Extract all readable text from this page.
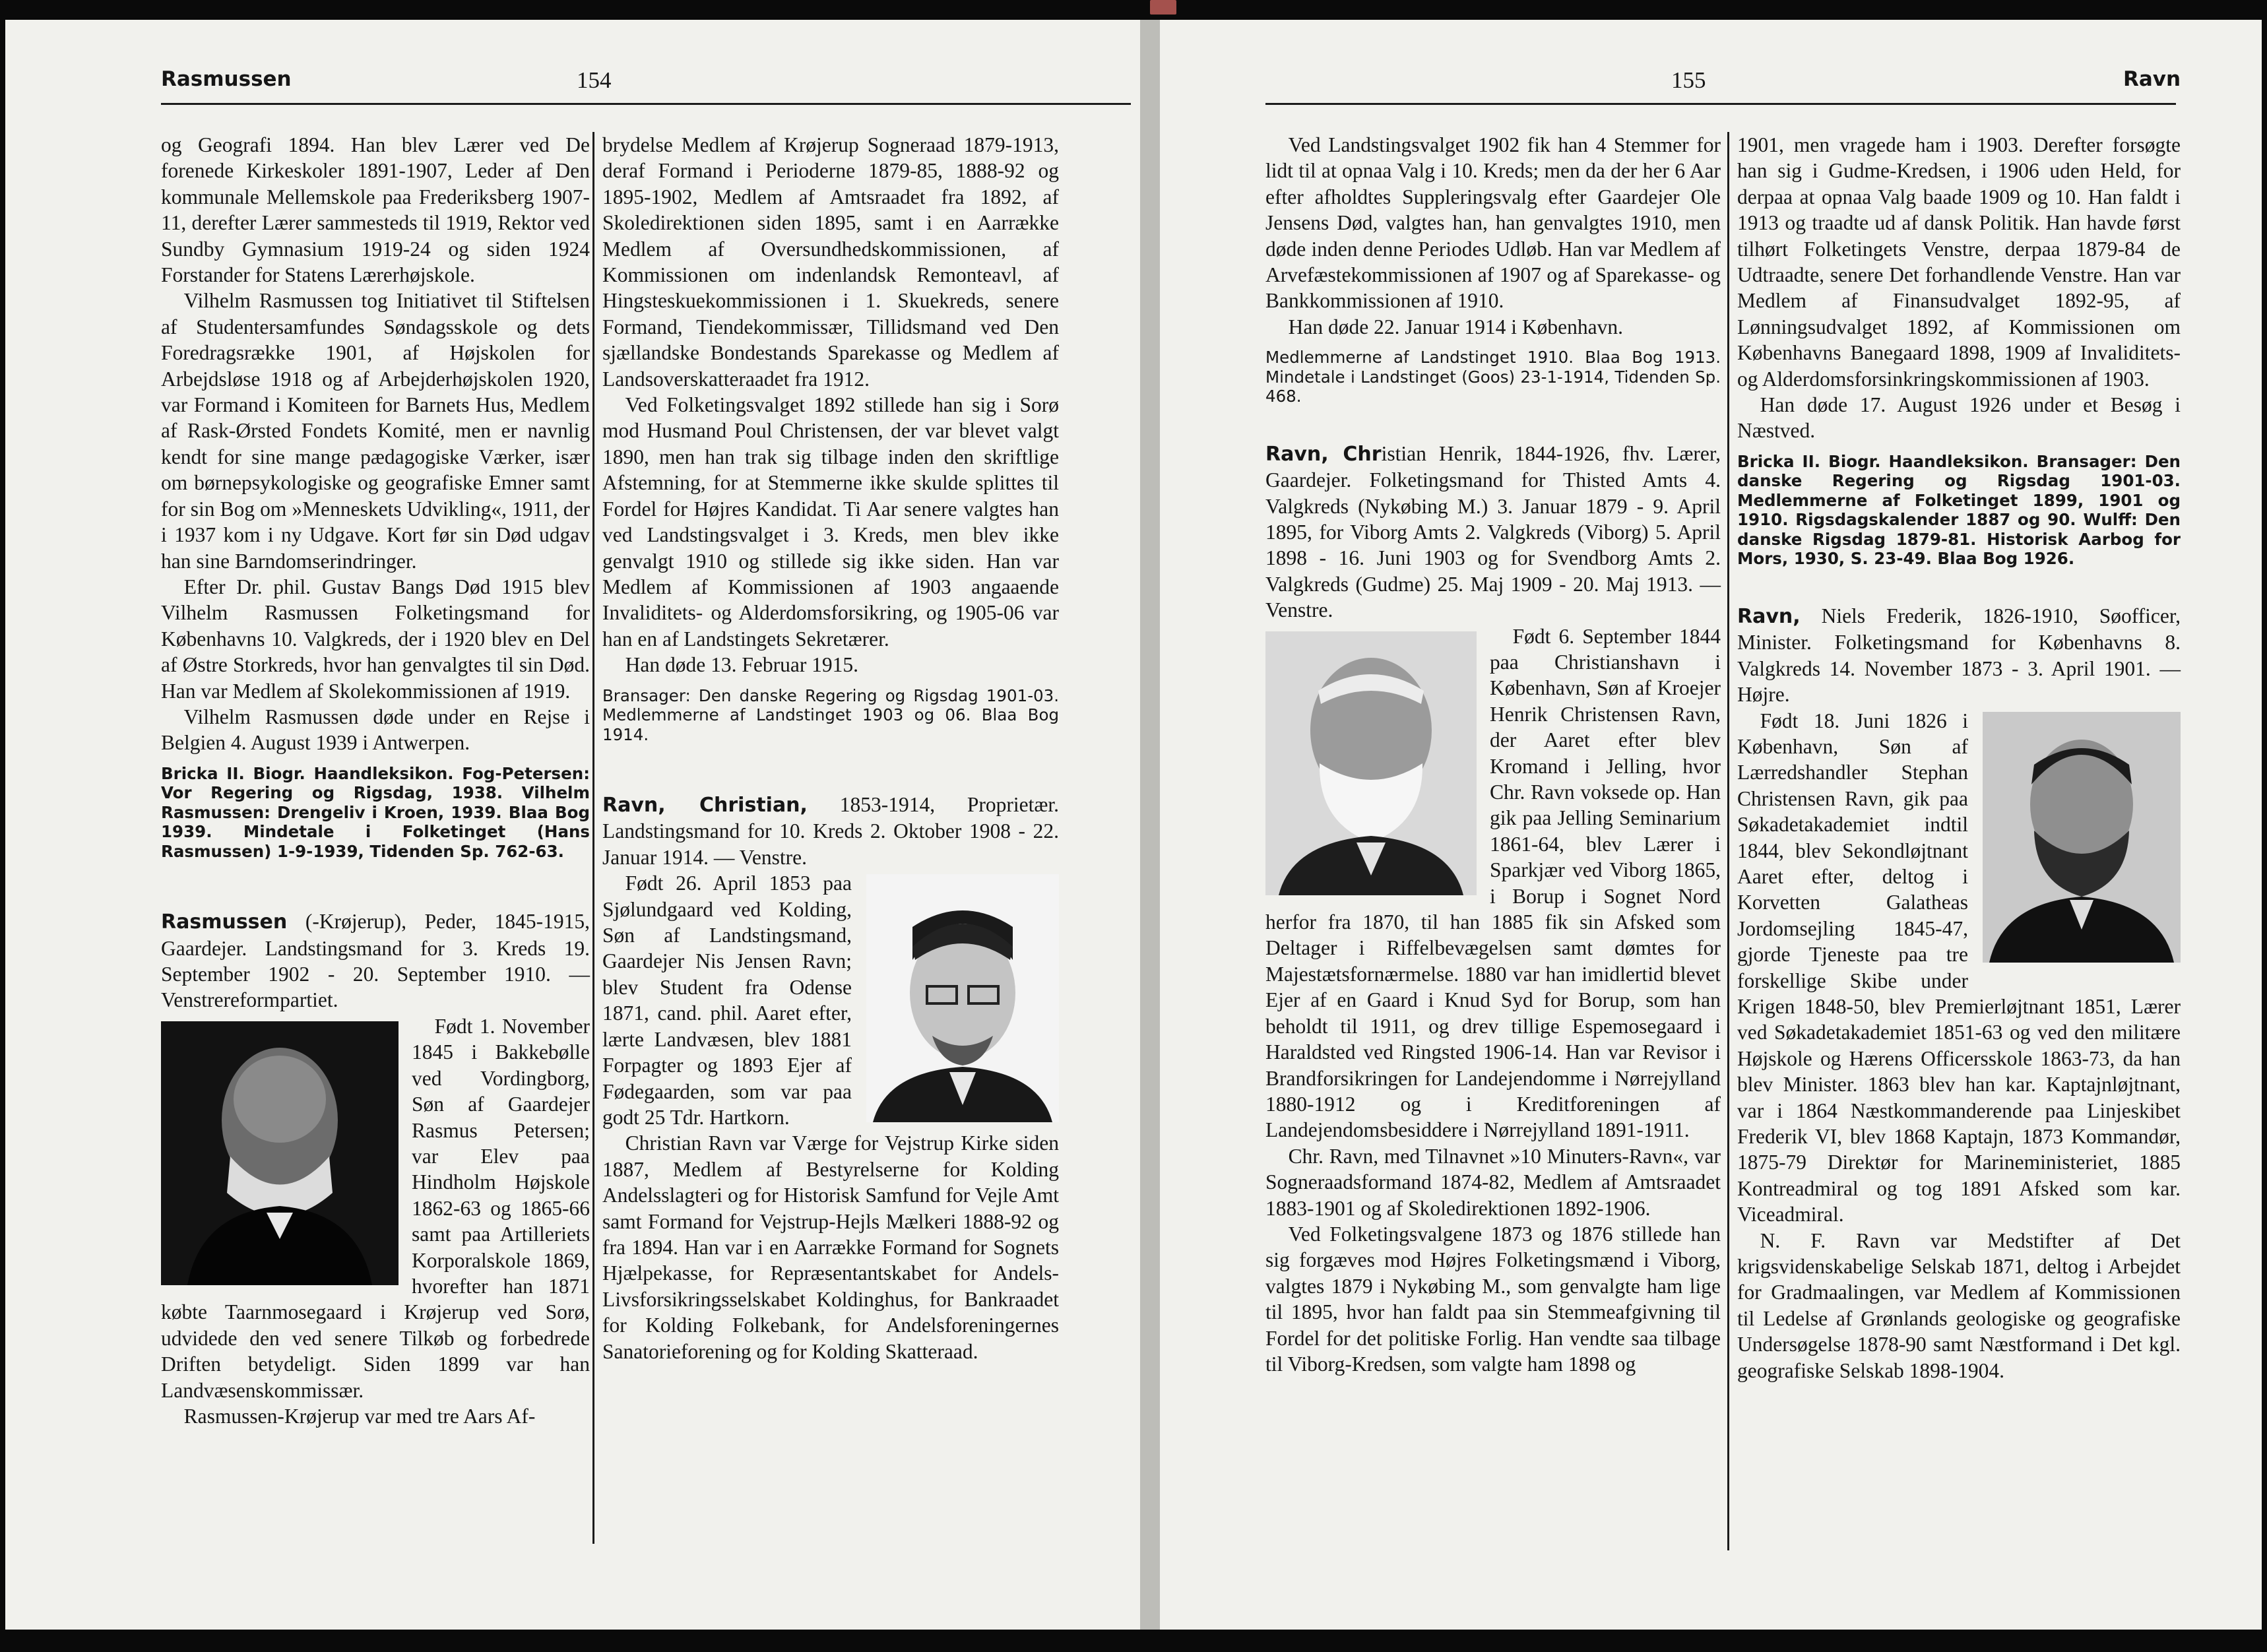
Rasmussen	154

og Geografi 1894. Han blev Lærer ved De forenede Kirkeskoler 1891-1907, Leder af Den kommunale Mellemskole paa Frederiksberg 1907-11, derefter Lærer sammesteds til 1919, Rektor ved Sundby Gymnasium 1919-24 og siden 1924 Forstander for Statens Lærerhøjskole.

Vilhelm Rasmussen tog Initiativet til Stiftelsen af Studentersamfundes Søndagsskole og dets Foredragsrække 1901, af Højskolen for Arbejdsløse 1918 og af Arbejderhøjskolen 1920, var Formand i Komiteen for Barnets Hus, Medlem af Rask-Ørsted Fondets Komité, men er navnlig kendt for sine mange pædagogiske Værker, især om børnepsykologiske og geografiske Emner samt for sin Bog om »Menneskets Udvikling«, 1911, der i 1937 kom i ny Udgave. Kort før sin Død udgav han sine Barndomserindringer.

Efter Dr. phil. Gustav Bangs Død 1915 blev Vilhelm Rasmussen Folketingsmand for Københavns 10. Valgkreds, der i 1920 blev en Del af Østre Storkreds, hvor han genvalgtes til sin Død. Han var Medlem af Skolekommissionen af 1919.

Vilhelm Rasmussen døde under en Rejse i Belgien 4. August 1939 i Antwerpen.

Bricka II. Biogr. Haandleksikon. Fog-Petersen: Vor Regering og Rigsdag, 1938. Vilhelm Rasmussen: Drengeliv i Kroen, 1939. Blaa Bog 1939. Mindetale i Folketinget (Hans Rasmussen) 1-9-1939, Tidenden Sp. 762-63.

Rasmussen (-Krøjerup), Peder, 1845-1915, Gaardejer. Landstingsmand for 3. Kreds 19. September 1902 - 20. September 1910. — Venstrereformpartiet.

Født 1. November 1845 i Bakkebølle ved Vordingborg, Søn af Gaardejer Rasmus Petersen; var Elev paa Hindholm Højskole 1862-63 og 1865-66 samt paa Artilleriets Korporalskole 1869, hvorefter han 1871 købte Taarnmosegaard i Krøjerup ved Sorø, udvidede den ved senere Tilkøb og forbedrede Driften betydeligt. Siden 1899 var han Landvæsenskommissær.

Rasmussen-Krøjerup var med tre Aars Af-

brydelse Medlem af Krøjerup Sogneraad 1879-1913, deraf Formand i Perioderne 1879-85, 1888-92 og 1895-1902, Medlem af Amtsraadet fra 1892, af Skoledirektionen siden 1895, samt i en Aarrække Medlem af Oversundhedskommissionen, af Kommissionen om indenlandsk Remonteavl, af Hingsteskuekommissionen i 1. Skuekreds, senere Formand, Tiendekommissær, Tillidsmand ved Den sjællandske Bondestands Sparekasse og Medlem af Landsoverskatteraadet fra 1912.

Ved Folketingsvalget 1892 stillede han sig i Sorø mod Husmand Poul Christensen, der var blevet valgt 1890, men han trak sig tilbage inden den skriftlige Afstemning, for at Stemmerne ikke skulde splittes til Fordel for Højres Kandidat. Ti Aar senere valgtes han ved Landstingsvalget i 3. Kreds, men blev ikke genvalgt 1910 og stillede sig ikke siden. Han var Medlem af Kommissionen af 1903 angaaende Invaliditets- og Alderdomsforsikring, og 1905-06 var han en af Landstingets Sekretærer.

Han døde 13. Februar 1915.

Bransager: Den danske Regering og Rigsdag 1901-03. Medlemmerne af Landstinget 1903 og 06. Blaa Bog 1914.

Ravn, Christian, 1853-1914, Proprietær. Landstingsmand for 10. Kreds 2. Oktober 1908 - 22. Januar 1914. — Venstre.

Født 26. April 1853 paa Sjølundgaard ved Kolding, Søn af Landstingsmand, Gaardejer Nis Jensen Ravn; blev Student fra Odense 1871, cand. phil. Aaret efter, lærte Landvæsen, blev 1881 Forpagter og 1893 Ejer af Fødegaarden, som var paa godt 25 Tdr. Hartkorn.

Christian Ravn var Værge for Vejstrup Kirke siden 1887, Medlem af Bestyrelserne for Kolding Andelsslagteri og for Historisk Samfund for Vejle Amt samt Formand for Vejstrup-Hejls Mælkeri 1888-92 og fra 1894. Han var i en Aarrække Formand for Sognets Hjælpekasse, for Repræsentantskabet for Andels-Livsforsikringsselskabet Koldinghus, for Bankraadet for Kolding Folkebank, for Andelsforeningernes Sanatorieforening og for Kolding Skatteraad.

155	Ravn

Ved Landstingsvalget 1902 fik han 4 Stemmer for lidt til at opnaa Valg i 10. Kreds; men da der her 6 Aar efter afholdtes Suppleringsvalg efter Gaardejer Ole Jensens Død, valgtes han, han genvalgtes 1910, men døde inden denne Periodes Udløb. Han var Medlem af Arvefæstekommissionen af 1907 og af Sparekasse- og Bankkommissionen af 1910.

Han døde 22. Januar 1914 i København.

Medlemmerne af Landstinget 1910. Blaa Bog 1913. Mindetale i Landstinget (Goos) 23-1-1914, Tidenden Sp. 468.

Ravn, Christian Henrik, 1844-1926, fhv. Lærer, Gaardejer. Folketingsmand for Thisted Amts 4. Valgkreds (Nykøbing M.) 3. Januar 1879 - 9. April 1895, for Viborg Amts 2. Valgkreds (Viborg) 5. April 1898 - 16. Juni 1903 og for Svendborg Amts 2. Valgkreds (Gudme) 25. Maj 1909 - 20. Maj 1913. — Venstre.

Født 6. September 1844 paa Christianshavn i København, Søn af Kroejer Henrik Christensen Ravn, der Aaret efter blev Kromand i Jelling, hvor Chr. Ravn voksede op. Han gik paa Jelling Seminarium 1861-64, blev Lærer i Sparkjær ved Viborg 1865, i Borup i Sognet Nord herfor fra 1870, til han 1885 fik sin Afsked som Deltager i Riffelbevægelsen samt dømtes for Majestætsfornærmelse. 1880 var han imidlertid blevet Ejer af en Gaard i Knud Syd for Borup, som han beholdt til 1911, og drev tillige Espemosegaard i Haraldsted ved Ringsted 1906-14. Han var Revisor i Brandforsikringen for Landejendomme i Nørrejylland 1880-1912 og i Kreditforeningen af Landejendomsbesiddere i Nørrejylland 1891-1911.

Chr. Ravn, med Tilnavnet »10 Minuters-Ravn«, var Sogneraadsformand 1874-82, Medlem af Amtsraadet 1883-1901 og af Skoledirektionen 1892-1906.

Ved Folketingsvalgene 1873 og 1876 stillede han sig forgæves mod Højres Folketingsmænd i Viborg, valgtes 1879 i Nykøbing M., som genvalgte ham lige til 1895, hvor han faldt paa sin Stemmeafgivning til Fordel for det politiske Forlig. Han vendte saa tilbage til Viborg-Kredsen, som valgte ham 1898 og

1901, men vragede ham i 1903. Derefter forsøgte han sig i Gudme-Kredsen, i 1906 uden Held, for derpaa at opnaa Valg baade 1909 og 10. Han faldt i 1913 og traadte ud af dansk Politik. Han havde først tilhørt Folketingets Venstre, derpaa 1879-84 de Udtraadte, senere Det forhandlende Venstre. Han var Medlem af Finansudvalget 1892-95, af Lønningsudvalget 1892, af Kommissionen om Københavns Banegaard 1898, 1909 af Invaliditets- og Alderdomsforsinkringskommissionen af 1903.

Han døde 17. August 1926 under et Besøg i Næstved.

Bricka II. Biogr. Haandleksikon. Bransager: Den danske Regering og Rigsdag 1901-03. Medlemmerne af Folketinget 1899, 1901 og 1910. Rigsdagskalender 1887 og 90. Wulff: Den danske Rigsdag 1879-81. Historisk Aarbog for Mors, 1930, S. 23-49. Blaa Bog 1926.

Ravn, Niels Frederik, 1826-1910, Søofficer, Minister. Folketingsmand for Københavns 8. Valgkreds 14. November 1873 - 3. April 1901. — Højre.

Født 18. Juni 1826 i København, Søn af Lærredshandler Stephan Christensen Ravn, gik paa Søkadetakademiet indtil 1844, blev Sekondløjtnant Aaret efter, deltog i Korvetten Galatheas Jordomsejling 1845-47, gjorde Tjeneste paa tre forskellige Skibe under Krigen 1848-50, blev Premierløjtnant 1851, Lærer ved Søkadetakademiet 1851-63 og ved den militære Højskole og Hærens Officersskole 1863-73, da han blev Minister. 1863 blev han kar. Kaptajnløjtnant, var i 1864 Næstkommanderende paa Linjeskibet Frederik VI, blev 1868 Kaptajn, 1873 Kommandør, 1875-79 Direktør for Marineministeriet, 1885 Kontreadmiral og tog 1891 Afsked som kar. Viceadmiral.

N. F. Ravn var Medstifter af Det krigsvidenskabelige Selskab 1871, deltog i Arbejdet for Gradmaalingen, var Medlem af Kommissionen til Ledelse af Grønlands geologiske og geografiske Undersøgelse 1878-90 samt Næstformand i Det kgl. geografiske Selskab 1898-1904.
